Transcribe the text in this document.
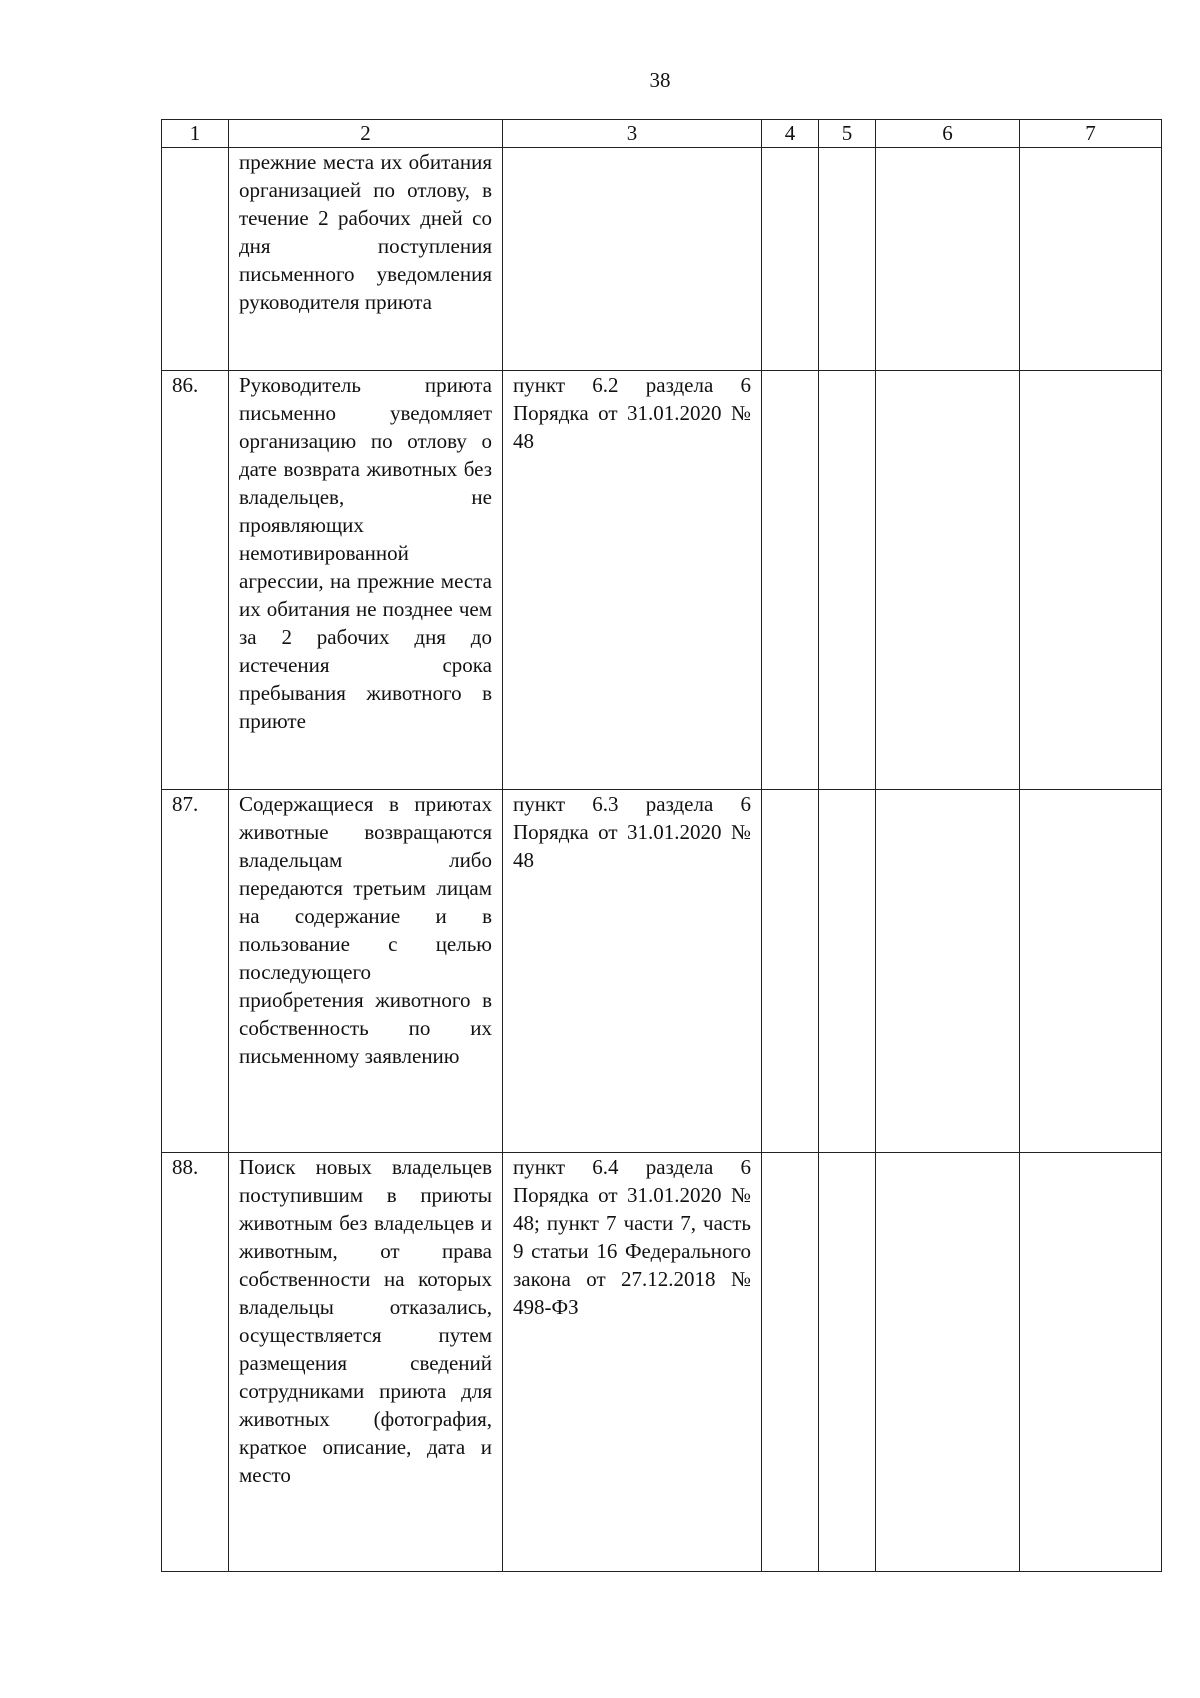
38
1	2	3	4	5	6	7
	прежние места их обитания организацией по отлову, в течение 2 рабочих дней со дня поступления письменного уведомления руководителя приюта					
86.	Руководитель приюта письменно уведомляет организацию по отлову о дате возврата животных без владельцев, не проявляющих немотивированной агрессии, на прежние места их обитания не позднее чем за 2 рабочих дня до истечения срока пребывания животного в приюте	пункт 6.2 раздела 6 Порядка от 31.01.2020 № 48				
87.	Содержащиеся в приютах животные возвращаются владельцам либо передаются третьим лицам на содержание и в пользование с целью последующего приобретения животного в собственность по их письменному заявлению	пункт 6.3 раздела 6 Порядка от 31.01.2020 № 48				
88.	Поиск новых владельцев поступившим в приюты животным без владельцев и животным, от права собственности на которых владельцы отказались, осуществляется путем размещения сведений сотрудниками приюта для животных (фотография, краткое описание, дата и место	пункт 6.4 раздела 6 Порядка от 31.01.2020 № 48; пункт 7 части 7, часть 9 статьи 16 Федерального закона от 27.12.2018 № 498-ФЗ				
